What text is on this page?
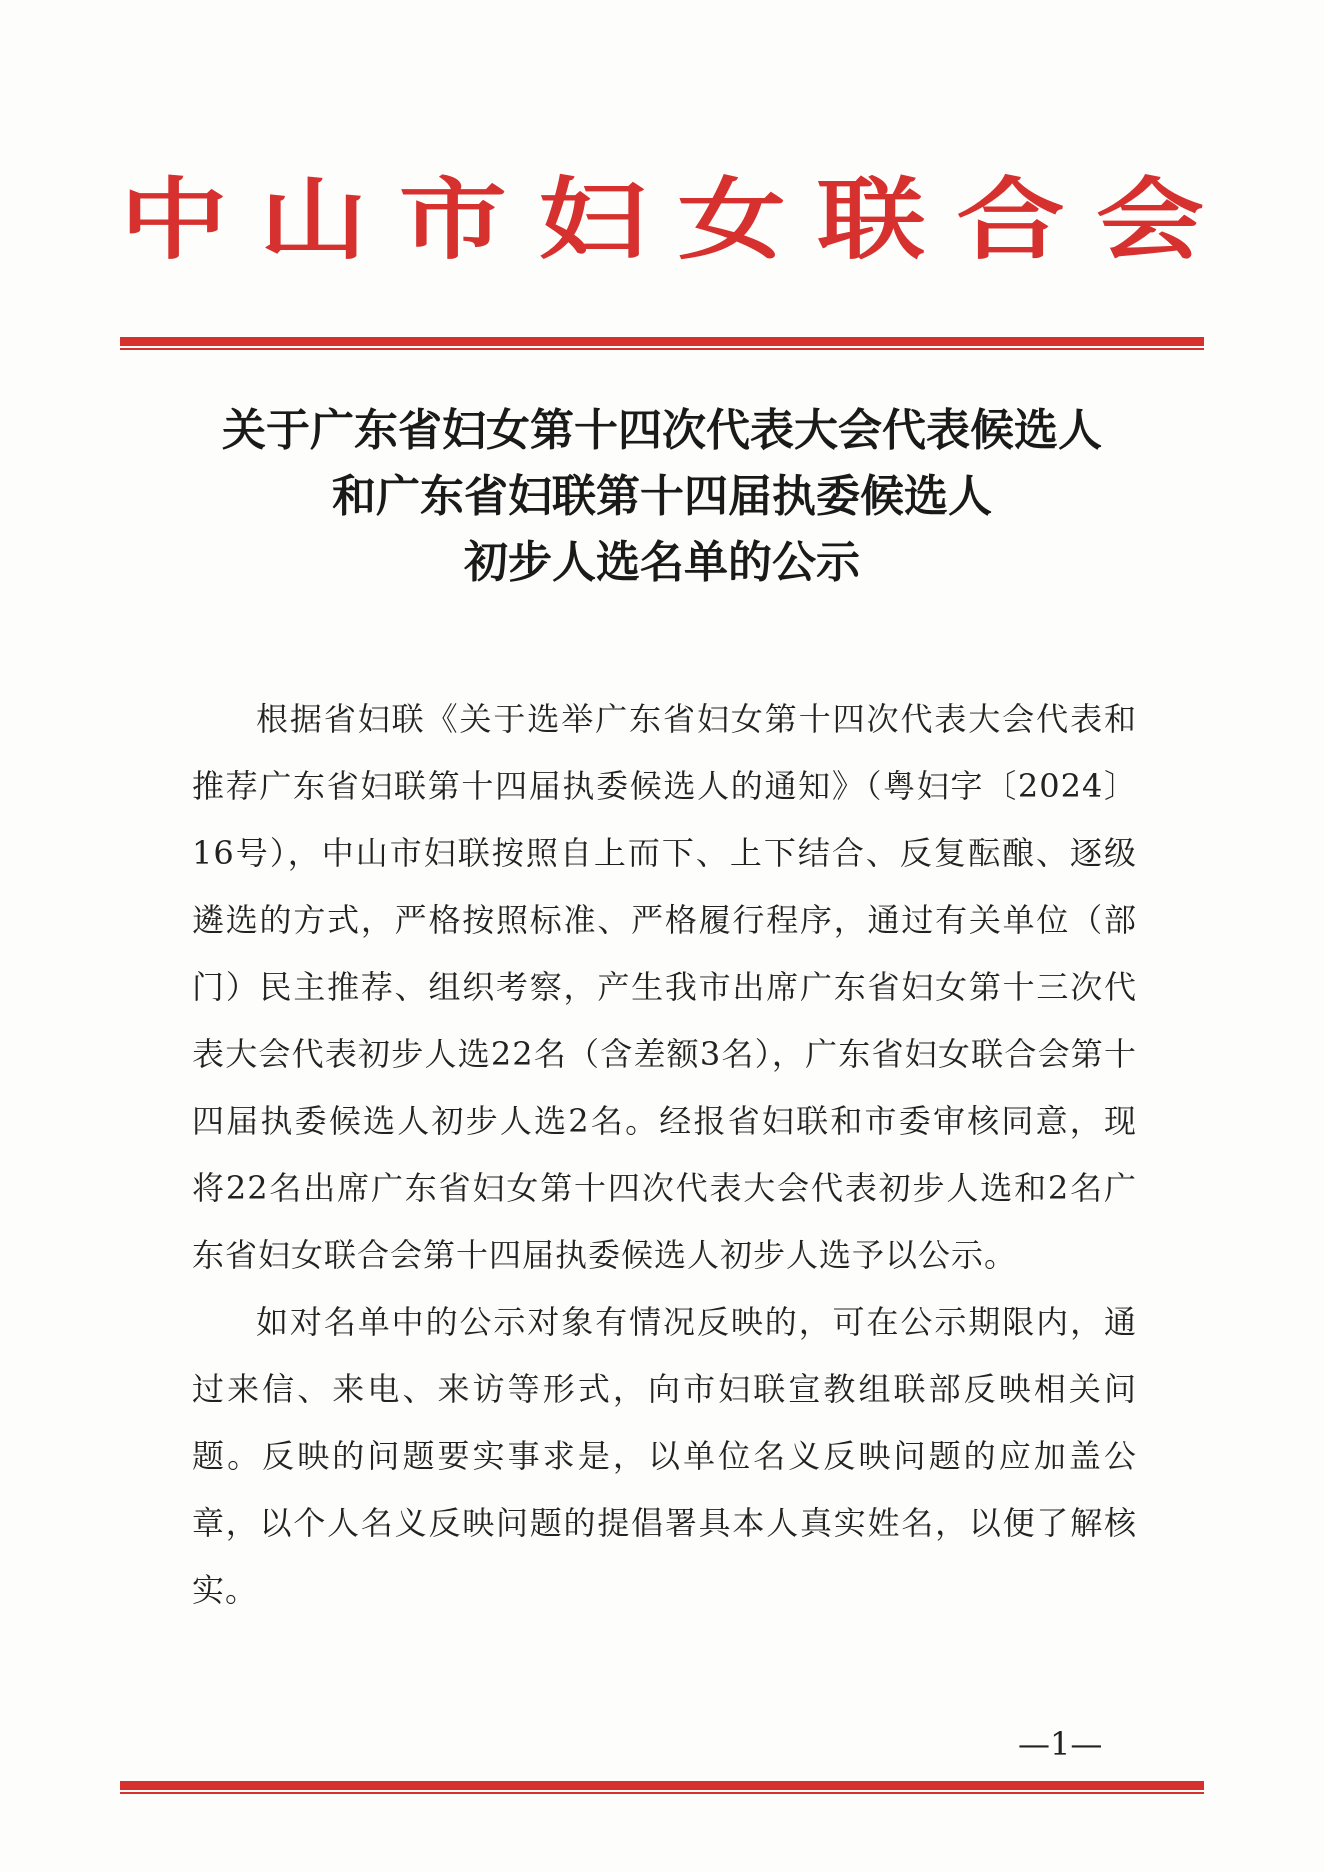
中 山 市 妇 女 联 合 会
关于广东省妇女第十四次代表大会代表候选人
和广东省妇联第十四届执委候选人
初步人选名单的公示

根据省妇联《关于选举广东省妇女第十四次代表大会代表和推荐广东省妇联第十四届执委候选人的通知》（粤妇字〔2024〕16号），中山市妇联按照自上而下、上下结合、反复酝酿、逐级遴选的方式，严格按照标准、严格履行程序，通过有关单位（部门）民主推荐、组织考察，产生我市出席广东省妇女第十三次代表大会代表初步人选22名（含差额3名），广东省妇女联合会第十四届执委候选人初步人选2名。经报省妇联和市委审核同意，现将22名出席广东省妇女第十四次代表大会代表初步人选和2名广东省妇女联合会第十四届执委候选人初步人选予以公示。

如对名单中的公示对象有情况反映的，可在公示期限内，通过来信、来电、来访等形式，向市妇联宣教组联部反映相关问题。反映的问题要实事求是，以单位名义反映问题的应加盖公章，以个人名义反映问题的提倡署具本人真实姓名，以便了解核实。

—1—
